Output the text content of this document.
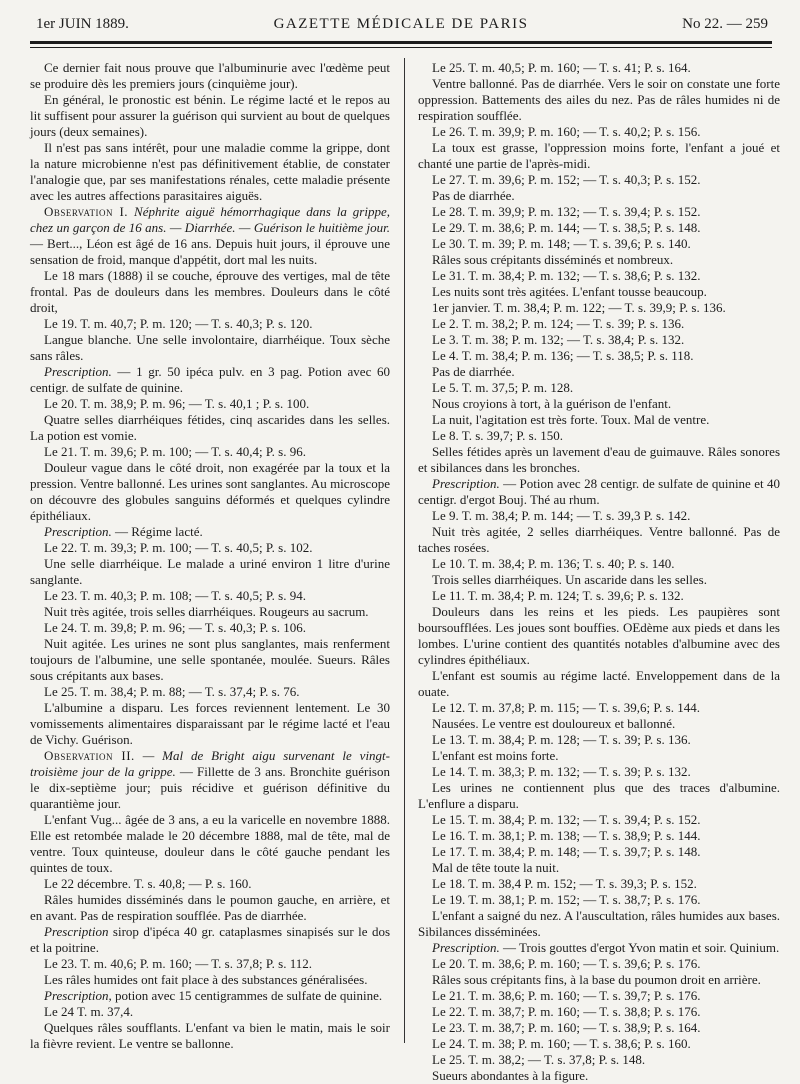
1er JUIN 1889.	GAZETTE MÉDICALE DE PARIS	No 22. — 259

Ce dernier fait nous prouve que l'albuminurie avec l'œdème peut se produire dès les premiers jours (cinquième jour).

En général, le pronostic est bénin. Le régime lacté et le repos au lit suffisent pour assurer la guérison qui survient au bout de quelques jours (deux semaines).

Il n'est pas sans intérêt, pour une maladie comme la grippe, dont la nature microbienne n'est pas définitivement établie, de constater l'analogie que, par ses manifestations rénales, cette maladie présente avec les autres affections parasitaires aiguës.

Observation I. Néphrite aiguë hémorrhagique dans la grippe, chez un garçon de 16 ans. — Diarrhée. — Guérison le huitième jour. — Bert..., Léon est âgé de 16 ans. Depuis huit jours, il éprouve une sensation de froid, manque d'appétit, dort mal les nuits.

Le 18 mars (1888) il se couche, éprouve des vertiges, mal de tête frontal. Pas de douleurs dans les membres. Douleurs dans le côté droit,

Le 19. T. m. 40,7; P. m. 120; — T. s. 40,3; P. s. 120.

Langue blanche. Une selle involontaire, diarrhéique. Toux sèche sans râles.

Prescription. — 1 gr. 50 ipéca pulv. en 3 pag. Potion avec 60 centigr. de sulfate de quinine.

Le 20. T. m. 38,9; P. m. 96; — T. s. 40,1 ; P. s. 100.

Quatre selles diarrhéiques fétides, cinq ascarides dans les selles. La potion est vomie.

Le 21. T. m. 39,6; P. m. 100; — T. s. 40,4; P. s. 96.

Douleur vague dans le côté droit, non exagérée par la toux et la pression. Ventre ballonné. Les urines sont sanglantes. Au microscope on découvre des globules sanguins déformés et quelques cylindre épithéliaux.

Prescription. — Régime lacté.

Le 22. T. m. 39,3; P. m. 100; — T. s. 40,5; P. s. 102.

Une selle diarrhéique. Le malade a uriné environ 1 litre d'urine sanglante.

Le 23. T. m. 40,3; P. m. 108; — T. s. 40,5; P. s. 94.

Nuit très agitée, trois selles diarrhéiques. Rougeurs au sacrum.

Le 24. T. m. 39,8; P. m. 96; — T. s. 40,3; P. s. 106.

Nuit agitée. Les urines ne sont plus sanglantes, mais renferment toujours de l'albumine, une selle spontanée, moulée. Sueurs. Râles sous crépitants aux bases.

Le 25. T. m. 38,4; P. m. 88; — T. s. 37,4; P. s. 76.

L'albumine a disparu. Les forces reviennent lentement. Le 30 vomissements alimentaires disparaissant par le régime lacté et l'eau de Vichy. Guérison.

Observation II. — Mal de Bright aigu survenant le vingt-troisième jour de la grippe. — Fillette de 3 ans. Bronchite guérison le dix-septième jour; puis récidive et guérison définitive du quarantième jour.

L'enfant Vug... âgée de 3 ans, a eu la varicelle en novembre 1888. Elle est retombée malade le 20 décembre 1888, mal de tête, mal de ventre. Toux quinteuse, douleur dans le côté gauche pendant les quintes de toux.

Le 22 décembre. T. s. 40,8; — P. s. 160.

Râles humides disséminés dans le poumon gauche, en arrière, et en avant. Pas de respiration soufflée. Pas de diarrhée.

Prescription sirop d'ipéca 40 gr. cataplasmes sinapisés sur le dos et la poitrine.

Le 23. T. m. 40,6; P. m. 160; — T. s. 37,8; P. s. 112.

Les râles humides ont fait place à des substances généralisées.

Prescription, potion avec 15 centigrammes de sulfate de quinine.

Le 24 T. m. 37,4.

Quelques râles soufflants. L'enfant va bien le matin, mais le soir la fièvre revient. Le ventre se ballonne.

Le 25. T. m. 40,5; P. m. 160; — T. s. 41; P. s. 164.

Ventre ballonné. Pas de diarrhée. Vers le soir on constate une forte oppression. Battements des ailes du nez. Pas de râles humides ni de respiration soufflée.

Le 26. T. m. 39,9; P. m. 160; — T. s. 40,2; P. s. 156.

La toux est grasse, l'oppression moins forte, l'enfant a joué et chanté une partie de l'après-midi.

Le 27. T. m. 39,6; P. m. 152; — T. s. 40,3; P. s. 152.

Pas de diarrhée.

Le 28. T. m. 39,9; P. m. 132; — T. s. 39,4; P. s. 152.

Le 29. T. m. 38,6; P. m. 144; — T. s. 38,5; P. s. 148.

Le 30. T. m. 39; P. m. 148; — T. s. 39,6; P. s. 140.

Râles sous crépitants disséminés et nombreux.

Le 31. T. m. 38,4; P. m. 132; — T. s. 38,6; P. s. 132.

Les nuits sont très agitées. L'enfant tousse beaucoup.

1er janvier. T. m. 38,4; P. m. 122; — T. s. 39,9; P. s. 136.

Le 2. T. m. 38,2; P. m. 124; — T. s. 39; P. s. 136.

Le 3. T. m. 38; P. m. 132; — T. s. 38,4; P. s. 132.

Le 4. T. m. 38,4; P. m. 136; — T. s. 38,5; P. s. 118.

Pas de diarrhée.

Le 5. T. m. 37,5; P. m. 128.

Nous croyions à tort, à la guérison de l'enfant.

La nuit, l'agitation est très forte. Toux. Mal de ventre.

Le 8. T. s. 39,7; P. s. 150.

Selles fétides après un lavement d'eau de guimauve. Râles sonores et sibilances dans les bronches.

Prescription. — Potion avec 28 centigr. de sulfate de quinine et 40 centigr. d'ergot Bouj. Thé au rhum.

Le 9. T. m. 38,4; P. m. 144; — T. s. 39,3 P. s. 142.

Nuit très agitée, 2 selles diarrhéiques. Ventre ballonné. Pas de taches rosées.

Le 10. T. m. 38,4; P. m. 136; T. s. 40; P. s. 140.

Trois selles diarrhéiques. Un ascaride dans les selles.

Le 11. T. m. 38,4; P. m. 124; T. s. 39,6; P. s. 132.

Douleurs dans les reins et les pieds. Les paupières sont boursoufflées. Les joues sont bouffies. OEdème aux pieds et dans les lombes. L'urine contient des quantités notables d'albumine avec des cylindres épithéliaux.

L'enfant est soumis au régime lacté. Enveloppement dans de la ouate.

Le 12. T. m. 37,8; P. m. 115; — T. s. 39,6; P. s. 144.

Nausées. Le ventre est douloureux et ballonné.

Le 13. T. m. 38,4; P. m. 128; — T. s. 39; P. s. 136.

L'enfant est moins forte.

Le 14. T. m. 38,3; P. m. 132; — T. s. 39; P. s. 132.

Les urines ne contiennent plus que des traces d'albumine. L'enflure a disparu.

Le 15. T. m. 38,4; P. m. 132; — T. s. 39,4; P. s. 152.

Le 16. T. m. 38,1; P. m. 138; — T. s. 38,9; P. s. 144.

Le 17. T. m. 38,4; P. m. 148; — T. s. 39,7; P. s. 148.

Mal de tête toute la nuit.

Le 18. T. m. 38,4 P. m. 152; — T. s. 39,3; P. s. 152.

Le 19. T. m. 38,1; P. m. 152; — T. s. 38,7; P. s. 176.

L'enfant a saigné du nez. A l'auscultation, râles humides aux bases. Sibilances disséminées.

Prescription. — Trois gouttes d'ergot Yvon matin et soir. Quinium.

Le 20. T. m. 38,6; P. m. 160; — T. s. 39,6; P. s. 176.

Râles sous crépitants fins, à la base du poumon droit en arrière.

Le 21. T. m. 38,6; P. m. 160; — T. s. 39,7; P. s. 176.

Le 22. T. m. 38,7; P. m. 160; — T. s. 38,8; P. s. 176.

Le 23. T. m. 38,7; P. m. 160; — T. s. 38,9; P. s. 164.

Le 24. T. m. 38; P. m. 160; — T. s. 38,6; P. s. 160.

Le 25. T. m. 38,2; — T. s. 37,8; P. s. 148.

Sueurs abondantes à la figure.
